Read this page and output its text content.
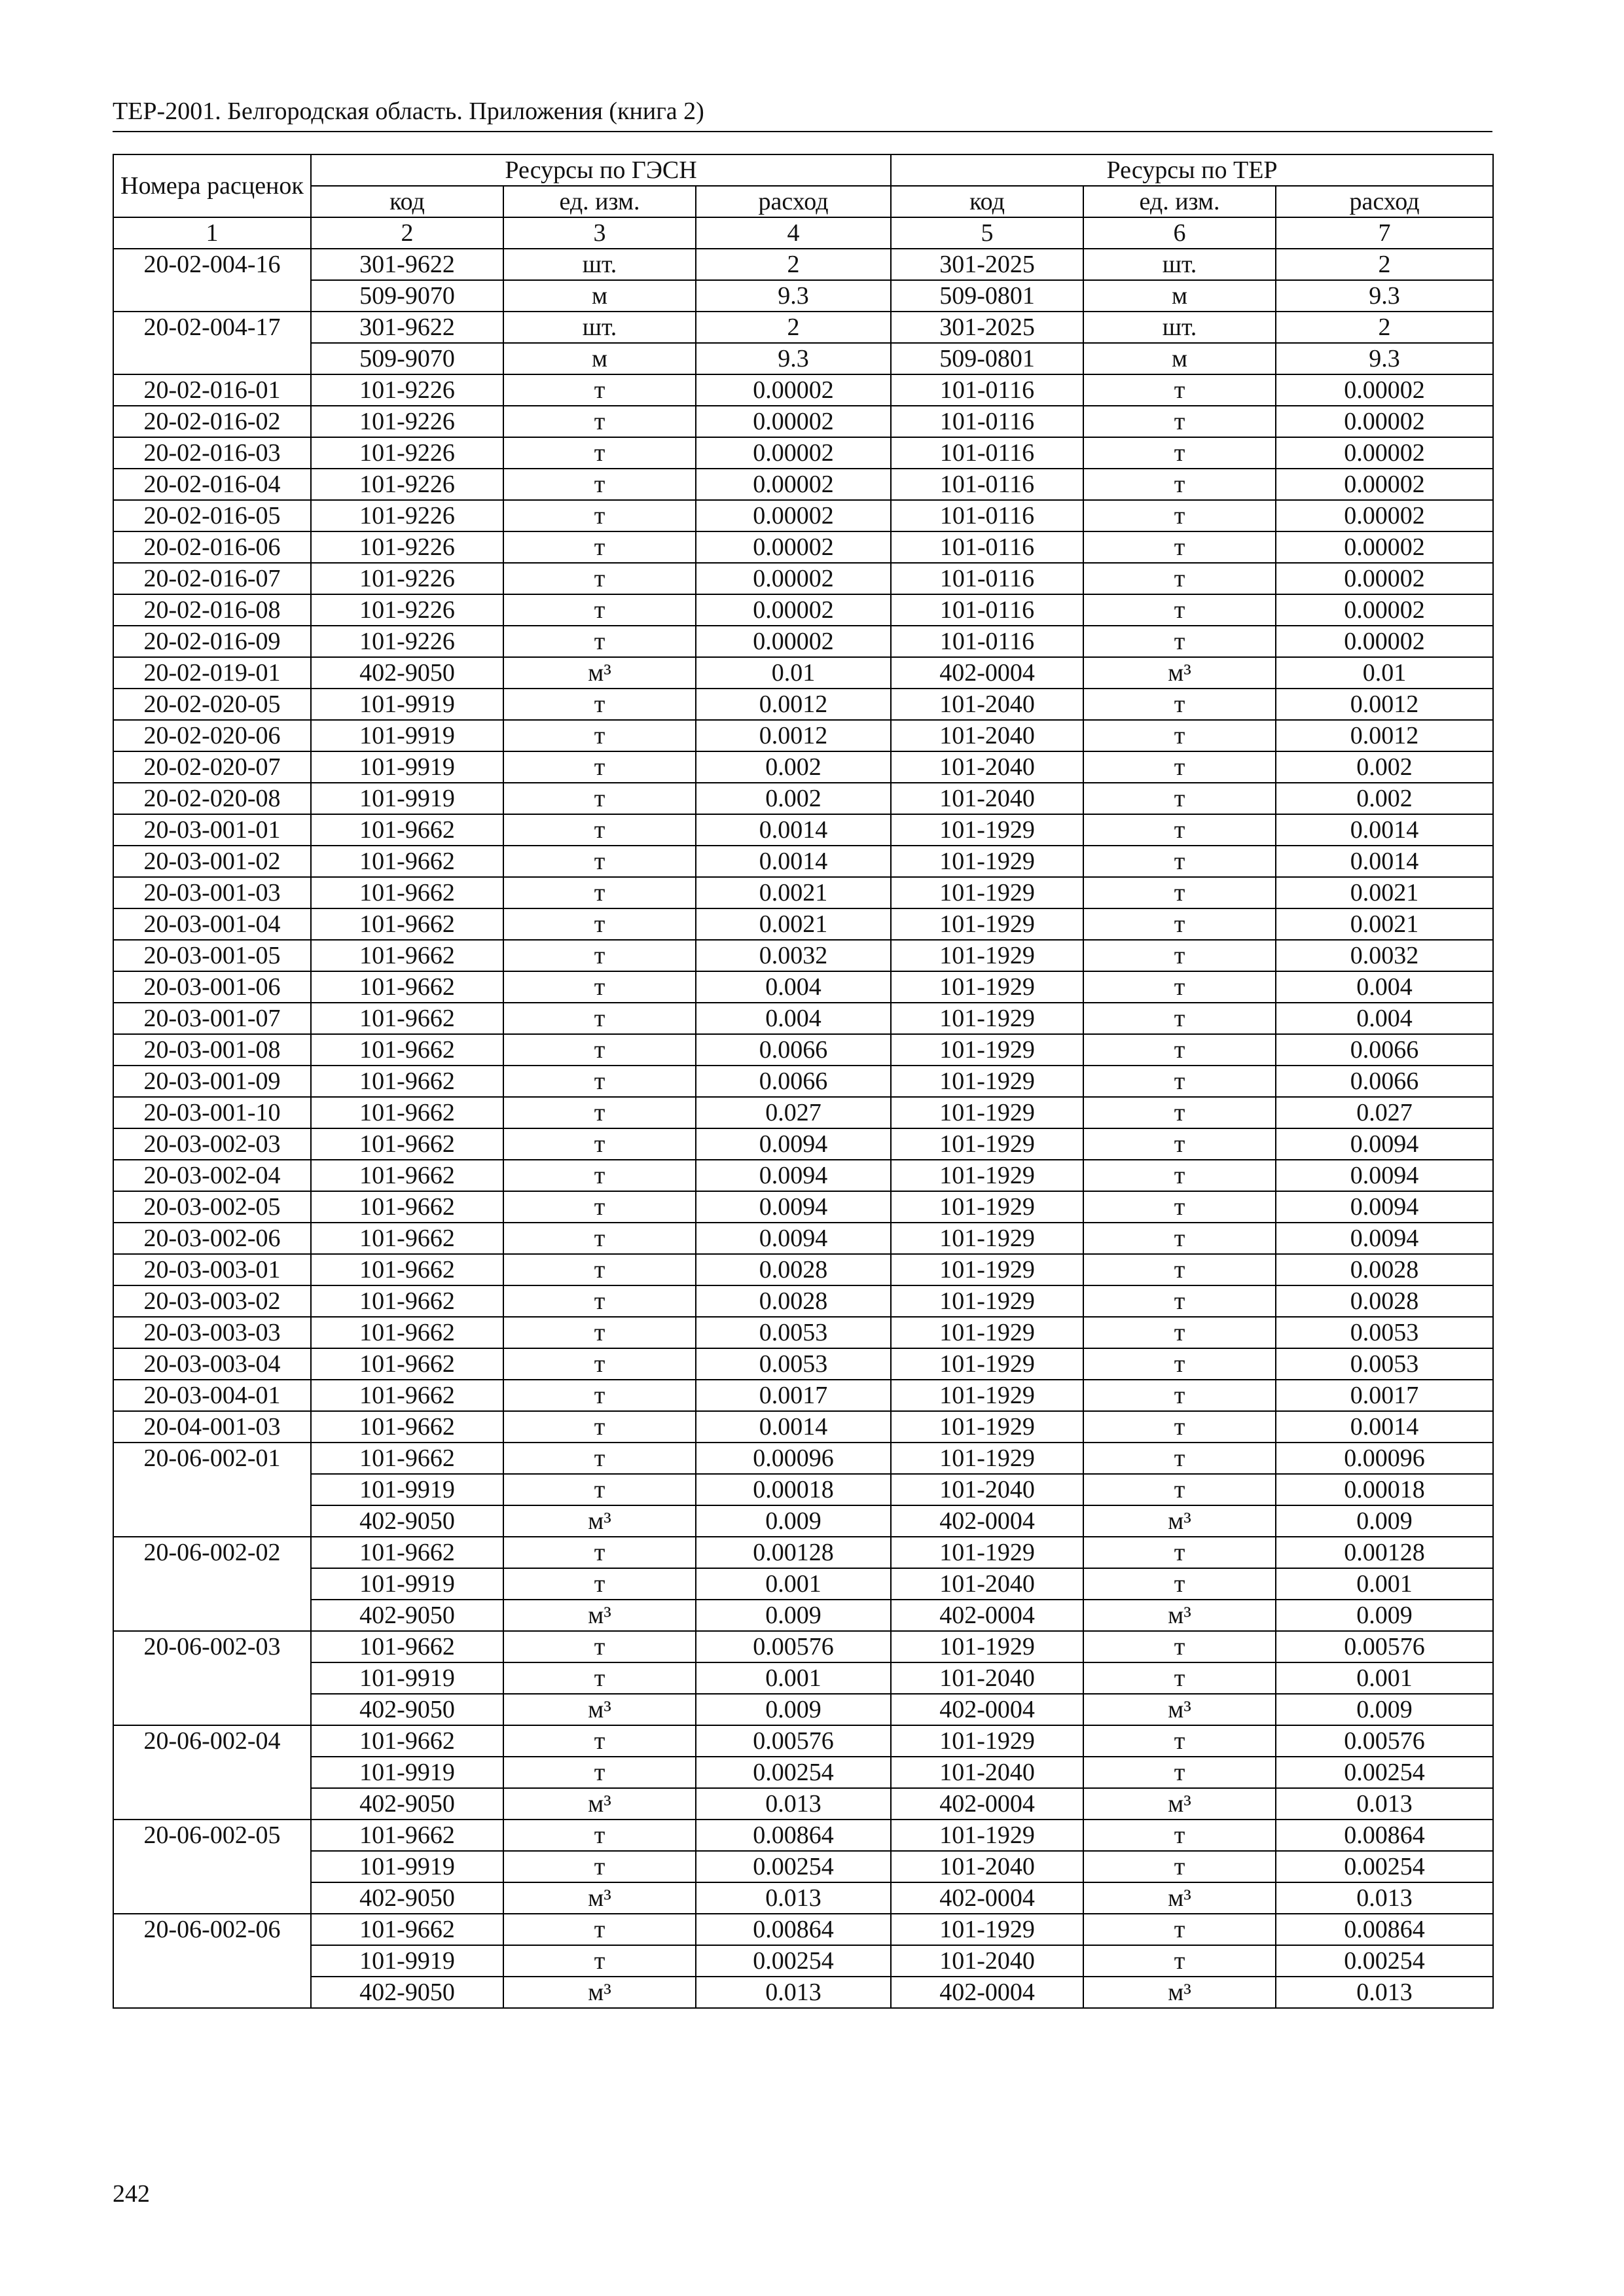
ТЕР-2001. Белгородская область. Приложения (книга 2)
Номера расценок	Ресурсы по ГЭСН			Ресурсы по ТЕР		
	код	ед. изм.	расход	код	ед. изм.	расход
1	2	3	4	5	6	7
20-02-004-16	301-9622	шт.	2	301-2025	шт.	2
	509-9070	м	9.3	509-0801	м	9.3
20-02-004-17	301-9622	шт.	2	301-2025	шт.	2
	509-9070	м	9.3	509-0801	м	9.3
20-02-016-01	101-9226	т	0.00002	101-0116	т	0.00002
20-02-016-02	101-9226	т	0.00002	101-0116	т	0.00002
20-02-016-03	101-9226	т	0.00002	101-0116	т	0.00002
20-02-016-04	101-9226	т	0.00002	101-0116	т	0.00002
20-02-016-05	101-9226	т	0.00002	101-0116	т	0.00002
20-02-016-06	101-9226	т	0.00002	101-0116	т	0.00002
20-02-016-07	101-9226	т	0.00002	101-0116	т	0.00002
20-02-016-08	101-9226	т	0.00002	101-0116	т	0.00002
20-02-016-09	101-9226	т	0.00002	101-0116	т	0.00002
20-02-019-01	402-9050	м³	0.01	402-0004	м³	0.01
20-02-020-05	101-9919	т	0.0012	101-2040	т	0.0012
20-02-020-06	101-9919	т	0.0012	101-2040	т	0.0012
20-02-020-07	101-9919	т	0.002	101-2040	т	0.002
20-02-020-08	101-9919	т	0.002	101-2040	т	0.002
20-03-001-01	101-9662	т	0.0014	101-1929	т	0.0014
20-03-001-02	101-9662	т	0.0014	101-1929	т	0.0014
20-03-001-03	101-9662	т	0.0021	101-1929	т	0.0021
20-03-001-04	101-9662	т	0.0021	101-1929	т	0.0021
20-03-001-05	101-9662	т	0.0032	101-1929	т	0.0032
20-03-001-06	101-9662	т	0.004	101-1929	т	0.004
20-03-001-07	101-9662	т	0.004	101-1929	т	0.004
20-03-001-08	101-9662	т	0.0066	101-1929	т	0.0066
20-03-001-09	101-9662	т	0.0066	101-1929	т	0.0066
20-03-001-10	101-9662	т	0.027	101-1929	т	0.027
20-03-002-03	101-9662	т	0.0094	101-1929	т	0.0094
20-03-002-04	101-9662	т	0.0094	101-1929	т	0.0094
20-03-002-05	101-9662	т	0.0094	101-1929	т	0.0094
20-03-002-06	101-9662	т	0.0094	101-1929	т	0.0094
20-03-003-01	101-9662	т	0.0028	101-1929	т	0.0028
20-03-003-02	101-9662	т	0.0028	101-1929	т	0.0028
20-03-003-03	101-9662	т	0.0053	101-1929	т	0.0053
20-03-003-04	101-9662	т	0.0053	101-1929	т	0.0053
20-03-004-01	101-9662	т	0.0017	101-1929	т	0.0017
20-04-001-03	101-9662	т	0.0014	101-1929	т	0.0014
20-06-002-01	101-9662	т	0.00096	101-1929	т	0.00096
	101-9919	т	0.00018	101-2040	т	0.00018
	402-9050	м³	0.009	402-0004	м³	0.009
20-06-002-02	101-9662	т	0.00128	101-1929	т	0.00128
	101-9919	т	0.001	101-2040	т	0.001
	402-9050	м³	0.009	402-0004	м³	0.009
20-06-002-03	101-9662	т	0.00576	101-1929	т	0.00576
	101-9919	т	0.001	101-2040	т	0.001
	402-9050	м³	0.009	402-0004	м³	0.009
20-06-002-04	101-9662	т	0.00576	101-1929	т	0.00576
	101-9919	т	0.00254	101-2040	т	0.00254
	402-9050	м³	0.013	402-0004	м³	0.013
20-06-002-05	101-9662	т	0.00864	101-1929	т	0.00864
	101-9919	т	0.00254	101-2040	т	0.00254
	402-9050	м³	0.013	402-0004	м³	0.013
20-06-002-06	101-9662	т	0.00864	101-1929	т	0.00864
	101-9919	т	0.00254	101-2040	т	0.00254
	402-9050	м³	0.013	402-0004	м³	0.013
242
